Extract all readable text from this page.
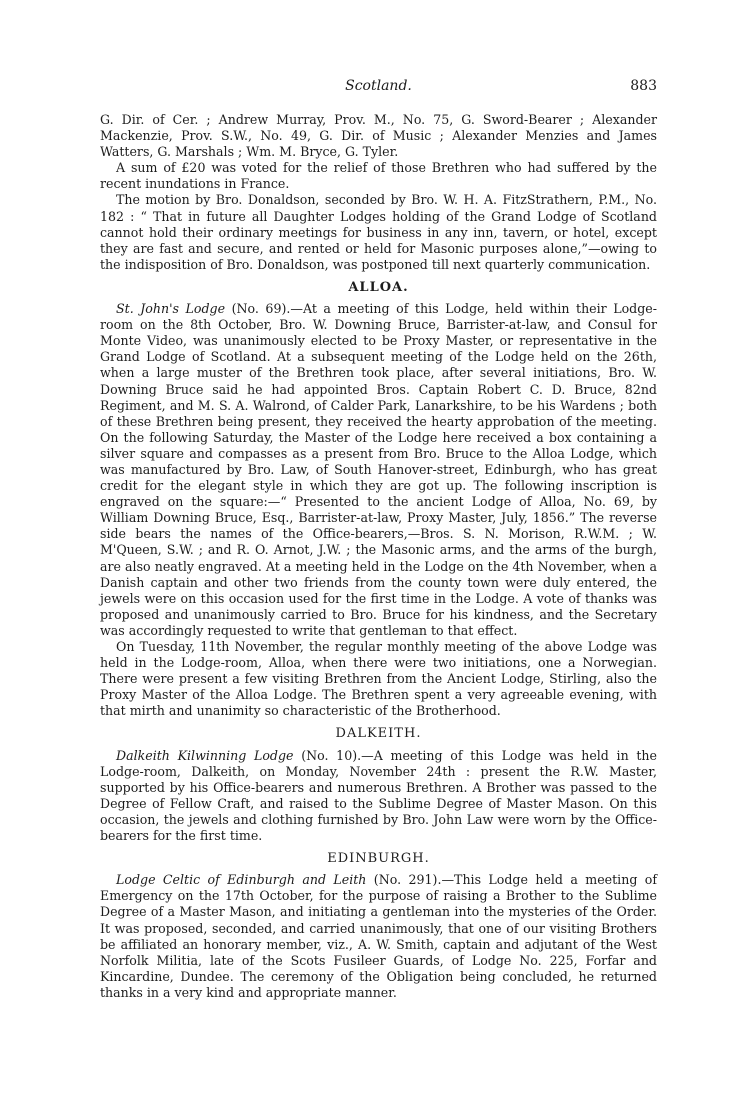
Scotland.	883

G. Dir. of Cer. ; Andrew Murray, Prov. M., No. 75, G. Sword-Bearer ; Alexander Mackenzie, Prov. S.W., No. 49, G. Dir. of Music ; Alexander Menzies and James Watters, G. Marshals ; Wm. M. Bryce, G. Tyler.

A sum of £20 was voted for the relief of those Brethren who had suffered by the recent inundations in France.

The motion by Bro. Donaldson, seconded by Bro. W. H. A. FitzStrathern, P.M., No. 182 : “ That in future all Daughter Lodges holding of the Grand Lodge of Scotland cannot hold their ordinary meetings for business in any inn, tavern, or hotel, except they are fast and secure, and rented or held for Masonic purposes alone,”—owing to the indisposition of Bro. Donaldson, was postponed till next quarterly communication.

ALLOA.

St. John's Lodge (No. 69).—At a meeting of this Lodge, held within their Lodge-room on the 8th October, Bro. W. Downing Bruce, Barrister-at-law, and Consul for Monte Video, was unanimously elected to be Proxy Master, or representative in the Grand Lodge of Scotland. At a subsequent meeting of the Lodge held on the 26th, when a large muster of the Brethren took place, after several initiations, Bro. W. Downing Bruce said he had appointed Bros. Captain Robert C. D. Bruce, 82nd Regiment, and M. S. A. Walrond, of Calder Park, Lanarkshire, to be his Wardens ; both of these Brethren being present, they received the hearty approbation of the meeting. On the following Saturday, the Master of the Lodge here received a box containing a silver square and compasses as a present from Bro. Bruce to the Alloa Lodge, which was manufactured by Bro. Law, of South Hanover-street, Edinburgh, who has great credit for the elegant style in which they are got up. The following inscription is engraved on the square:—“ Presented to the ancient Lodge of Alloa, No. 69, by William Downing Bruce, Esq., Barrister-at-law, Proxy Master, July, 1856.” The reverse side bears the names of the Office-bearers,—Bros. S. N. Morison, R.W.M. ; W. M'Queen, S.W. ; and R. O. Arnot, J.W. ; the Masonic arms, and the arms of the burgh, are also neatly engraved. At a meeting held in the Lodge on the 4th November, when a Danish captain and other two friends from the county town were duly entered, the jewels were on this occasion used for the first time in the Lodge. A vote of thanks was proposed and unanimously carried to Bro. Bruce for his kindness, and the Secretary was accordingly requested to write that gentleman to that effect.

On Tuesday, 11th November, the regular monthly meeting of the above Lodge was held in the Lodge-room, Alloa, when there were two initiations, one a Norwegian. There were present a few visiting Brethren from the Ancient Lodge, Stirling, also the Proxy Master of the Alloa Lodge. The Brethren spent a very agreeable evening, with that mirth and unanimity so characteristic of the Brotherhood.

DALKEITH.

Dalkeith Kilwinning Lodge (No. 10).—A meeting of this Lodge was held in the Lodge-room, Dalkeith, on Monday, November 24th : present the R.W. Master, supported by his Office-bearers and numerous Brethren. A Brother was passed to the Degree of Fellow Craft, and raised to the Sublime Degree of Master Mason. On this occasion, the jewels and clothing furnished by Bro. John Law were worn by the Office-bearers for the first time.

EDINBURGH.

Lodge Celtic of Edinburgh and Leith (No. 291).—This Lodge held a meeting of Emergency on the 17th October, for the purpose of raising a Brother to the Sublime Degree of a Master Mason, and initiating a gentleman into the mysteries of the Order. It was proposed, seconded, and carried unanimously, that one of our visiting Brothers be affiliated an honorary member, viz., A. W. Smith, captain and adjutant of the West Norfolk Militia, late of the Scots Fusileer Guards, of Lodge No. 225, Forfar and Kincardine, Dundee. The ceremony of the Obligation being concluded, he returned thanks in a very kind and appropriate manner.
